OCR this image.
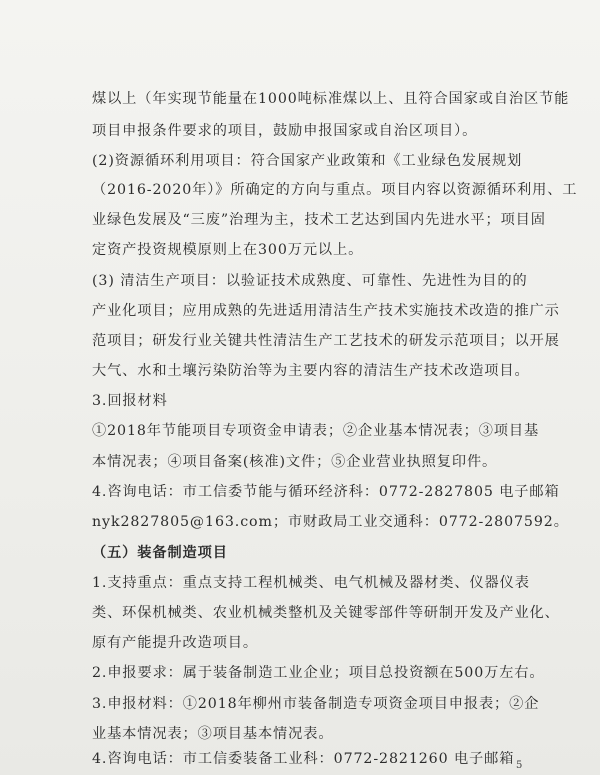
煤以上（年实现节能量在1000吨标准煤以上、且符合国家或自治区节能
项目申报条件要求的项目，鼓励申报国家或自治区项目）。
(2)资源循环利用项目：符合国家产业政策和《工业绿色发展规划
（2016-2020年）》所确定的方向与重点。项目内容以资源循环利用、工
业绿色发展及“三废”治理为主，技术工艺达到国内先进水平；项目固
定资产投资规模原则上在300万元以上。
(3) 清洁生产项目：以验证技术成熟度、可靠性、先进性为目的的
产业化项目；应用成熟的先进适用清洁生产技术实施技术改造的推广示
范项目；研发行业关键共性清洁生产工艺技术的研发示范项目；以开展
大气、水和土壤污染防治等为主要内容的清洁生产技术改造项目。
3.回报材料
①2018年节能项目专项资金申请表；②企业基本情况表；③项目基
本情况表；④项目备案(核准)文件；⑤企业营业执照复印件。
4.咨询电话：市工信委节能与循环经济科：0772-2827805 电子邮箱
nyk2827805@163.com；市财政局工业交通科：0772-2807592。
（五）装备制造项目
1.支持重点：重点支持工程机械类、电气机械及器材类、仪器仪表
类、环保机械类、农业机械类整机及关键零部件等研制开发及产业化、
原有产能提升改造项目。
2.申报要求：属于装备制造工业企业；项目总投资额在500万左右。
3.申报材料：①2018年柳州市装备制造专项资金项目申报表；②企
业基本情况表；③项目基本情况表。
4.咨询电话：市工信委装备工业科：0772-2821260 电子邮箱 5
